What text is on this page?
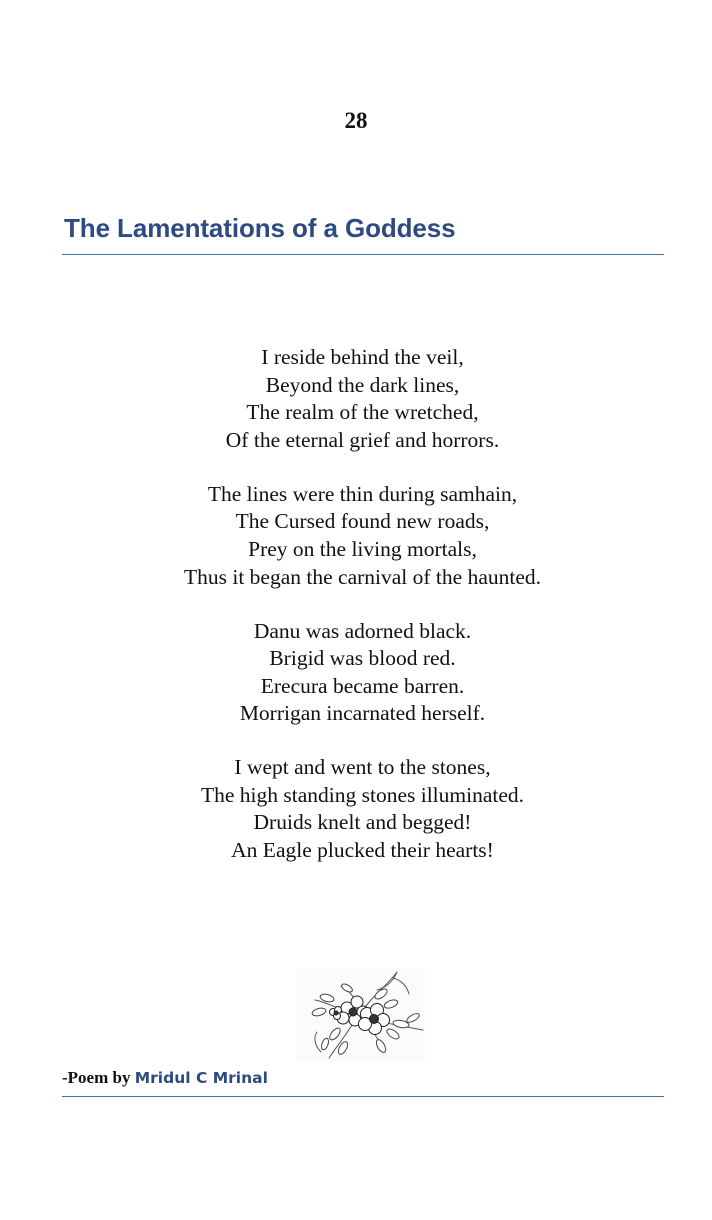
28
The Lamentations of a Goddess
I reside behind the veil,
Beyond the dark lines,
The realm of the wretched,
Of the eternal grief and horrors.
The lines were thin during samhain,
The Cursed found new roads,
Prey on the living mortals,
Thus it began the carnival of the haunted.
Danu was adorned black.
Brigid was blood red.
Erecura became barren.
Morrigan incarnated herself.
I wept and went to the stones,
The high standing stones illuminated.
Druids knelt and begged!
An Eagle plucked their hearts!
-Poem by Mridul C Mrinal
